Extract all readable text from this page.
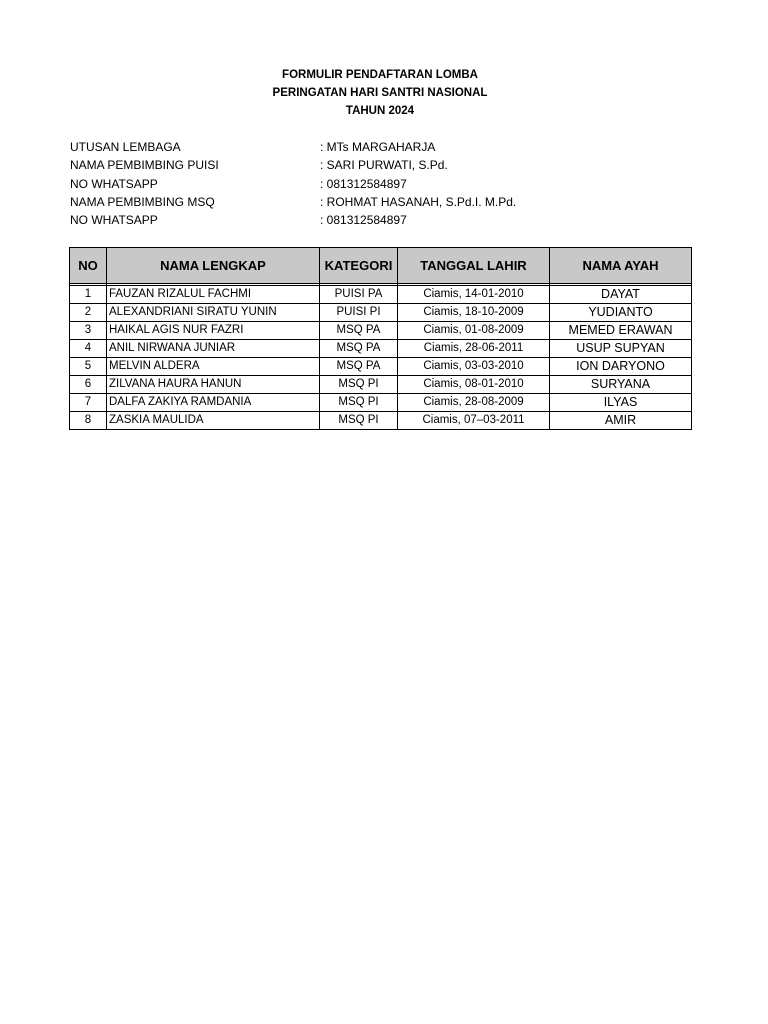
FORMULIR PENDAFTARAN LOMBA
PERINGATAN HARI SANTRI NASIONAL
TAHUN 2024
UTUSAN LEMBAGA	: MTs MARGAHARJA
NAMA PEMBIMBING PUISI	: SARI PURWATI, S.Pd.
NO WHATSAPP	: 081312584897
NAMA PEMBIMBING MSQ	: ROHMAT HASANAH, S.Pd.I. M.Pd.
NO WHATSAPP	: 081312584897
NO	NAMA LENGKAP	KATEGORI	TANGGAL LAHIR	NAMA AYAH

1	FAUZAN RIZALUL FACHMI	PUISI PA	Ciamis, 14-01-2010	DAYAT
2	ALEXANDRIANI SIRATU YUNIN	PUISI PI	Ciamis, 18-10-2009	YUDIANTO
3	HAIKAL AGIS NUR FAZRI	MSQ PA	Ciamis, 01-08-2009	MEMED ERAWAN
4	ANIL NIRWANA JUNIAR	MSQ PA	Ciamis, 28-06-2011	USUP SUPYAN
5	MELVIN ALDERA	MSQ PA	Ciamis, 03-03-2010	ION DARYONO
6	ZILVANA HAURA HANUN	MSQ PI	Ciamis, 08-01-2010	SURYANA
7	DALFA ZAKIYA RAMDANIA	MSQ PI	Ciamis, 28-08-2009	ILYAS
8	ZASKIA MAULIDA	MSQ PI	Ciamis, 07–03-2011	AMIR
